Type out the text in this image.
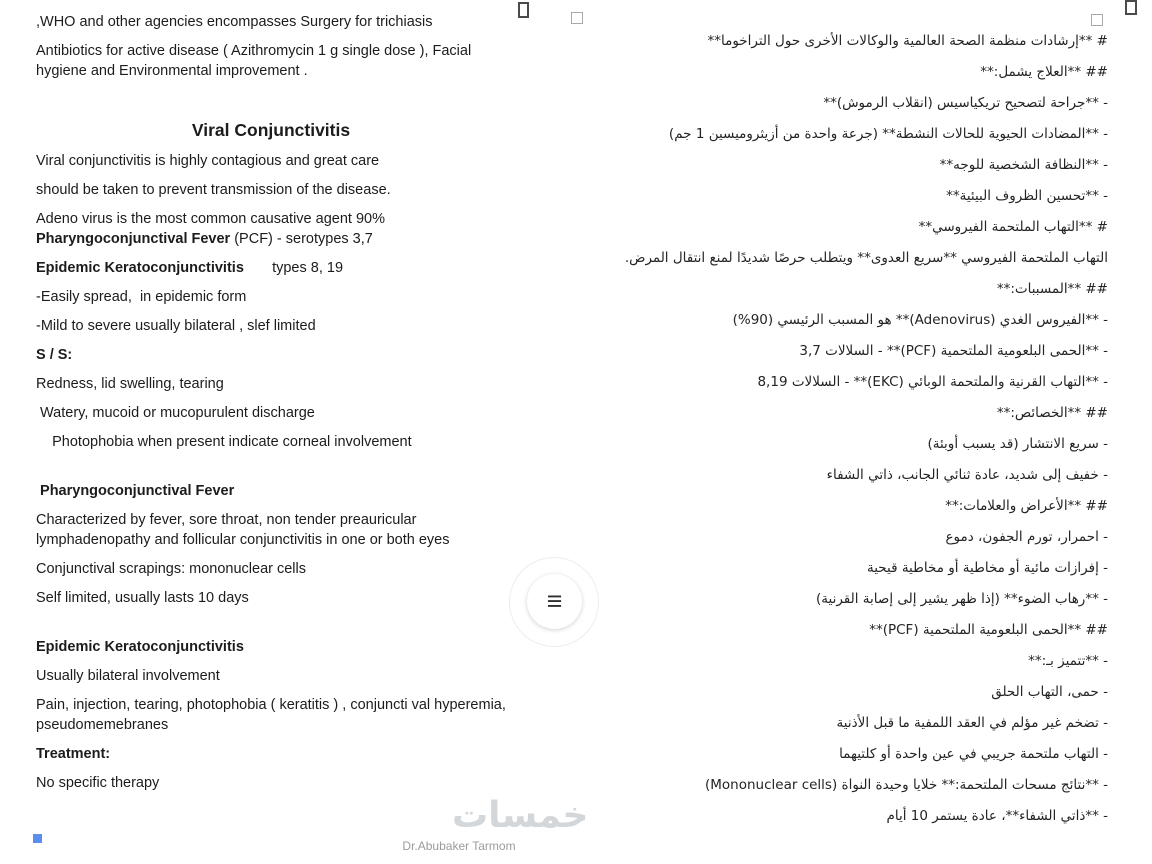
,WHO and other agencies encompasses Surgery for trichiasis

Antibiotics for active disease ( Azithromycin 1 g single dose ), Facial hygiene and Environmental improvement .

Viral Conjunctivitis

Viral conjunctivitis is highly contagious and great care

should be taken to prevent transmission of the disease.

Adeno virus is the most common causative agent 90%

Pharyngoconjunctival Fever (PCF) - serotypes 3,7

Epidemic Keratoconjunctivitis       types 8, 19

-Easily spread,  in epidemic form

-Mild to severe usually bilateral , slef limited

S / S:

Redness, lid swelling, tearing

Watery, mucoid or mucopurulent discharge

Photophobia when present indicate corneal involvement

Pharyngoconjunctival Fever

Characterized by fever, sore throat, non tender preauricular lymphadenopathy and follicular conjunctivitis in one or both eyes

Conjunctival scrapings: mononuclear cells

Self limited, usually lasts 10 days

Epidemic Keratoconjunctivitis

Usually bilateral involvement

Pain, injection, tearing, photophobia ( keratitis ) , conjuncti val hyperemia, pseudomemebranes

Treatment:

No specific therapy

# **إرشادات منظمة الصحة العالمية والوكالات الأخرى حول التراخوما**
## **العلاج يشمل:**
- **جراحة لتصحيح تريكياسيس (انقلاب الرموش)**
- **المضادات الحيوية للحالات النشطة** (جرعة واحدة من أزيثروميسين 1 جم)
- **النظافة الشخصية للوجه**
- **تحسين الظروف البيئية**
# **التهاب الملتحمة الفيروسي**
التهاب الملتحمة الفيروسي **سريع العدوى** ويتطلب حرصًا شديدًا لمنع انتقال المرض.
## **المسببات:**
- **الفيروس الغدي (Adenovirus)** هو المسبب الرئيسي (90%)
- **الحمى البلعومية الملتحمية (PCF)** - السلالات 3,7
- **التهاب القرنية والملتحمة الوبائي (EKC)** - السلالات 8,19
## **الخصائص:**
- سريع الانتشار (قد يسبب أوبئة)
- خفيف إلى شديد، عادة ثنائي الجانب، ذاتي الشفاء
## **الأعراض والعلامات:**
- احمرار، تورم الجفون، دموع
- إفرازات مائية أو مخاطية أو مخاطية قيحية
- **رهاب الضوء** (إذا ظهر يشير إلى إصابة القرنية)
## **الحمى البلعومية الملتحمية (PCF)**
- **تتميز بـ:**
- حمى، التهاب الحلق
- تضخم غير مؤلم في العقد اللمفية ما قبل الأذنية
- التهاب ملتحمة جريبي في عين واحدة أو كلتيهما
- **نتائج مسحات الملتحمة:** خلايا وحيدة النواة (Mononuclear cells)
- **ذاتي الشفاء**، عادة يستمر 10 أيام
≡
خمسات
Dr.Abubaker Tarmom
